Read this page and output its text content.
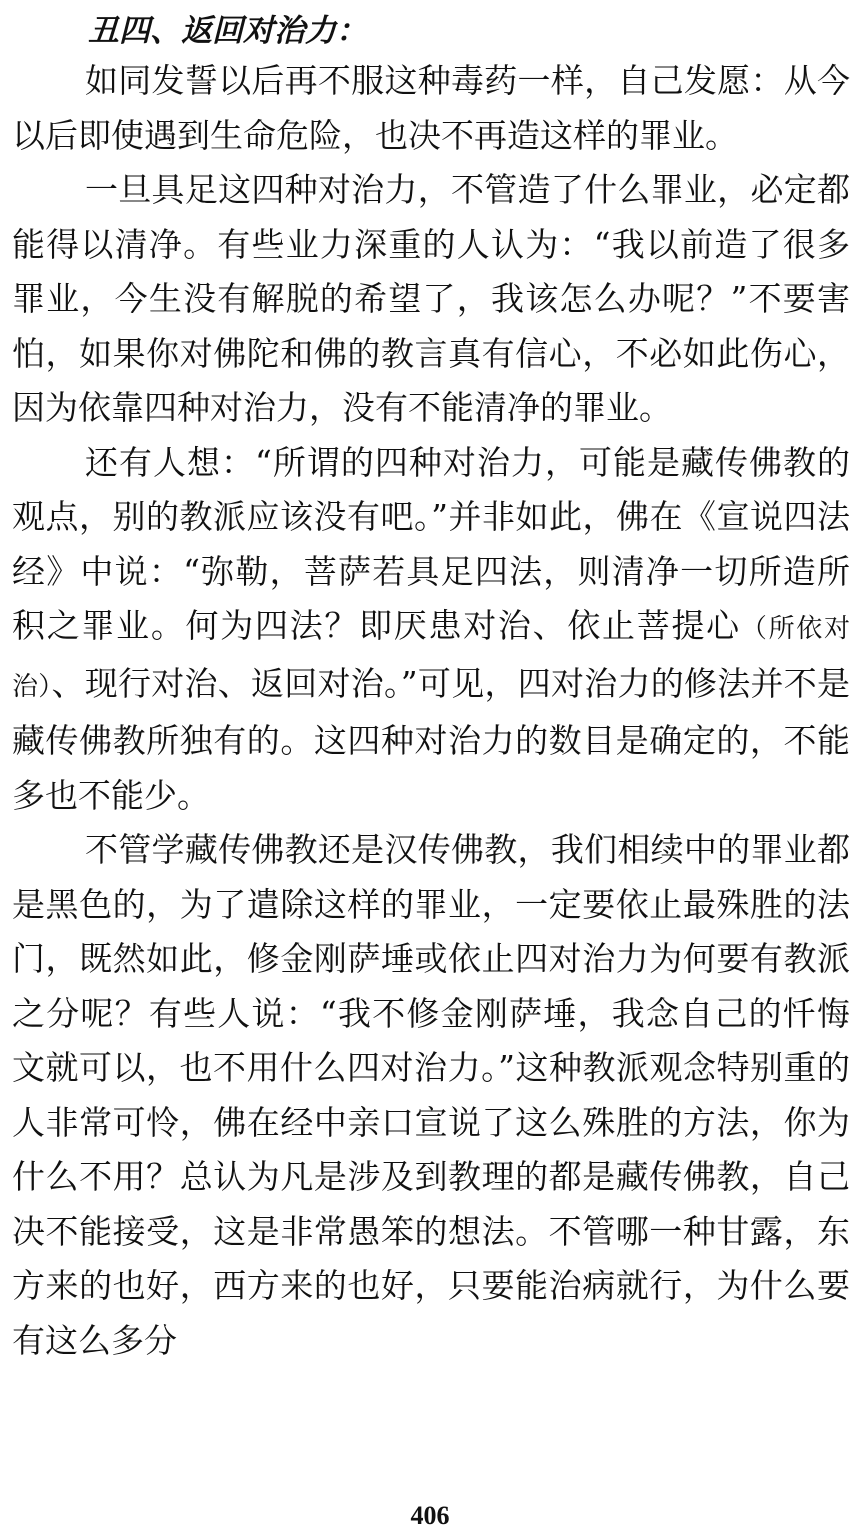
丑四、返回对治力：

如同发誓以后再不服这种毒药一样，自己发愿：从今以后即使遇到生命危险，也决不再造这样的罪业。

一旦具足这四种对治力，不管造了什么罪业，必定都能得以清净。有些业力深重的人认为：“我以前造了很多罪业，今生没有解脱的希望了，我该怎么办呢？”不要害怕，如果你对佛陀和佛的教言真有信心，不必如此伤心，因为依靠四种对治力，没有不能清净的罪业。

还有人想：“所谓的四种对治力，可能是藏传佛教的观点，别的教派应该没有吧。”并非如此，佛在《宣说四法经》中说：“弥勒，菩萨若具足四法，则清净一切所造所积之罪业。何为四法？即厌患对治、依止菩提心（所依对治）、现行对治、返回对治。”可见，四对治力的修法并不是藏传佛教所独有的。这四种对治力的数目是确定的，不能多也不能少。

不管学藏传佛教还是汉传佛教，我们相续中的罪业都是黑色的，为了遣除这样的罪业，一定要依止最殊胜的法门，既然如此，修金刚萨埵或依止四对治力为何要有教派之分呢？有些人说：“我不修金刚萨埵，我念自己的忏悔文就可以，也不用什么四对治力。”这种教派观念特别重的人非常可怜，佛在经中亲口宣说了这么殊胜的方法，你为什么不用？总认为凡是涉及到教理的都是藏传佛教，自己决不能接受，这是非常愚笨的想法。不管哪一种甘露，东方来的也好，西方来的也好，只要能治病就行，为什么要有这么多分

406
